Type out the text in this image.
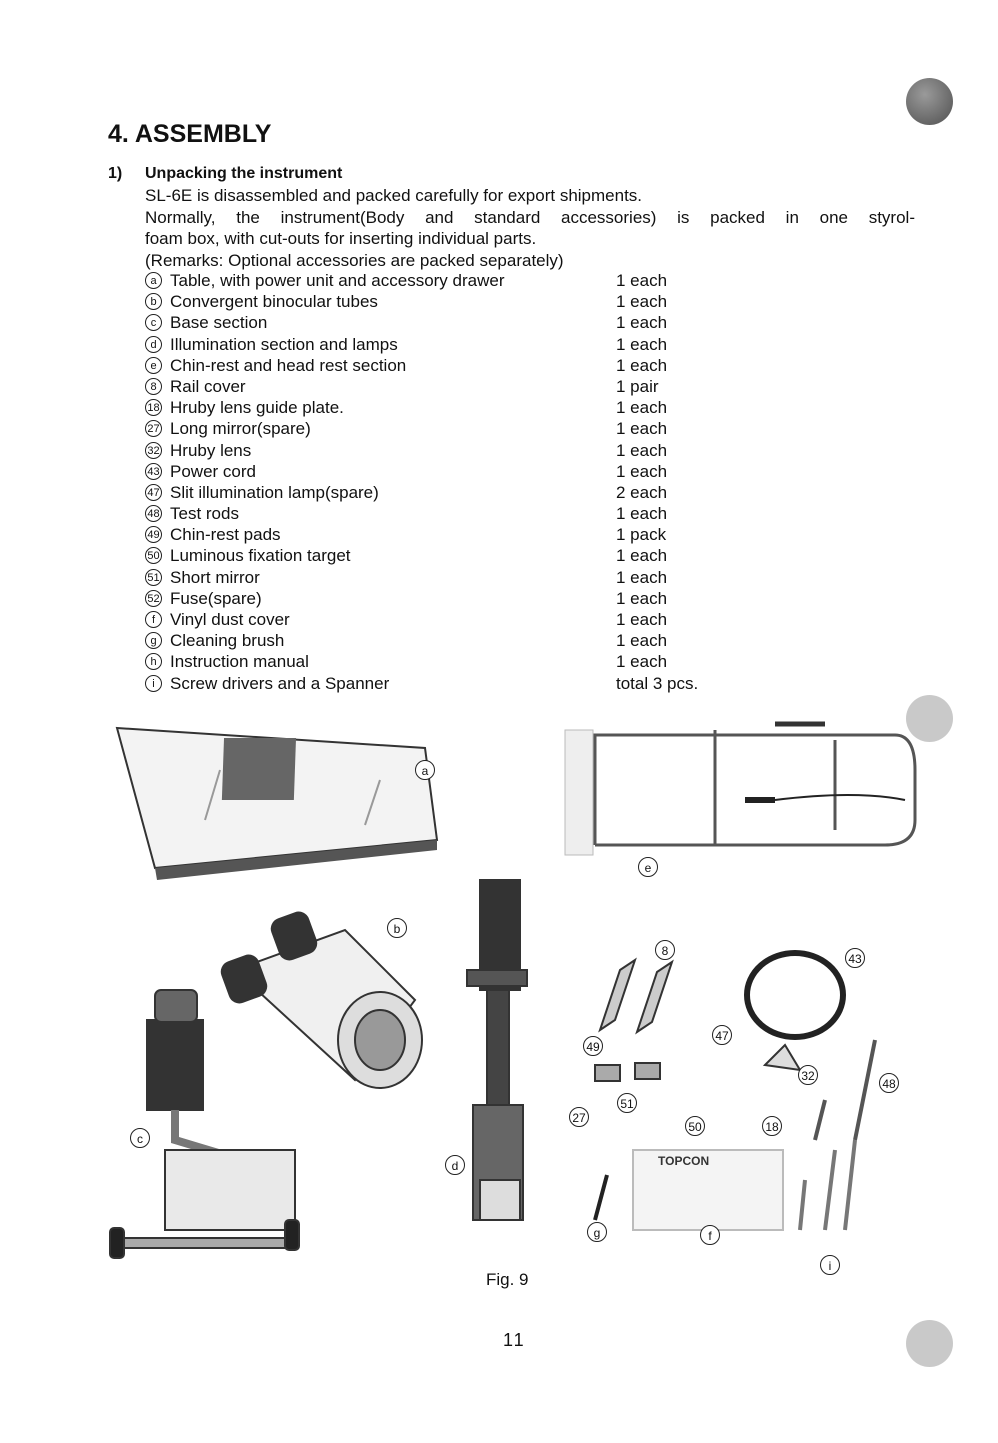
4. ASSEMBLY
1) Unpacking the instrument

SL-6E is disassembled and packed carefully for export shipments.

Normally, the instrument(Body and standard accessories) is packed in one styrol-

foam box, with cut-outs for inserting individual parts.

(Remarks: Optional accessories are packed separately)

a Table, with power unit and accessory drawer	1 each
b Convergent binocular tubes	1 each
c Base section	1 each
d Illumination section and lamps	1 each
e Chin-rest and head rest section	1 each
8 Rail cover	1 pair
18 Hruby lens guide plate.	1 each
27 Long mirror(spare)	1 each
32 Hruby lens	1 each
43 Power cord	1 each
47 Slit illumination lamp(spare)	2 each
48 Test rods	1 each
49 Chin-rest pads	1 pack
50 Luminous fixation target	1 each
51 Short mirror	1 each
52 Fuse(spare)	1 each
f Vinyl dust cover	1 each
g Cleaning brush	1 each
h Instruction manual	1 each
i Screw drivers and a Spanner	total 3 pcs.
TOPCON
a
b
c
d
e
8
43
47
49
32
48
51
27
50	18
g	f
i
Fig. 9
11
